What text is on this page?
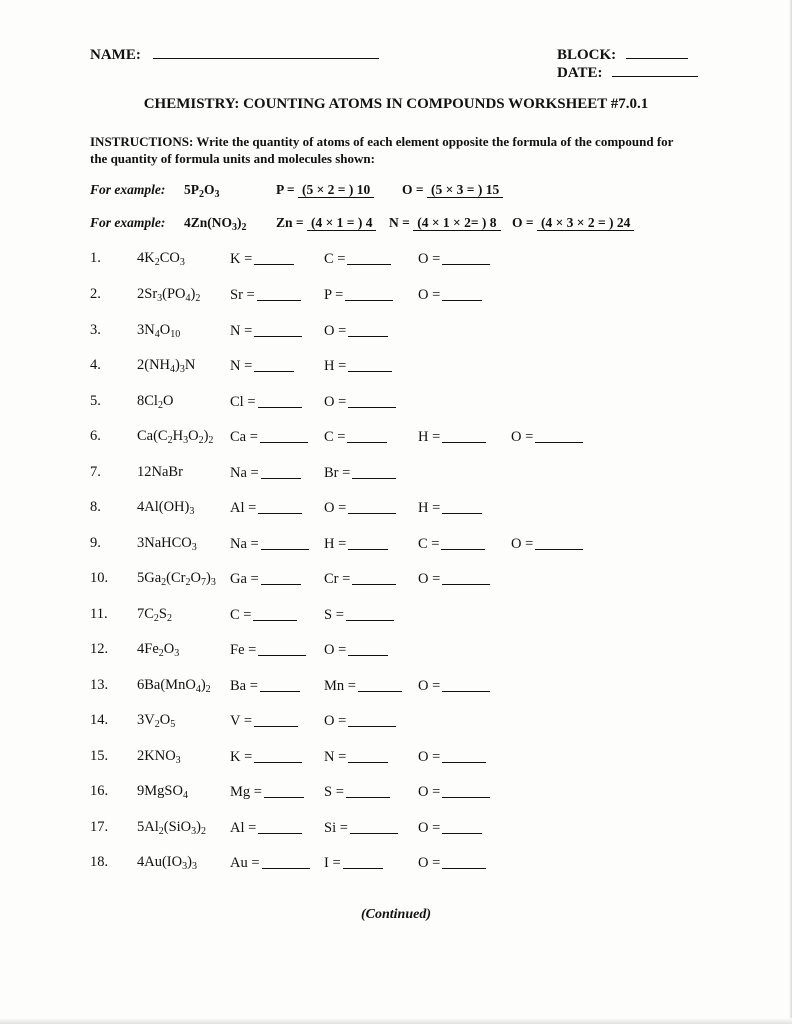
NAME:	BLOCK:
DATE:
CHEMISTRY: COUNTING ATOMS IN COMPOUNDS WORKSHEET #7.0.1
INSTRUCTIONS: Write the quantity of atoms of each element opposite the formula of the compound for the quantity of formula units and molecules shown:
For example: $5P_2O_3$	P = (5 × 2 = ) 10 O = (5 × 3 = ) 15
For example: $4Zn(NO_3)_2$ Zn = (4 × 1 = ) 4 N = (4 × 1 × 2= ) 8 O = (4 × 3 × 2 = ) 24
1. $4K_2CO_3$	K =	C =	O =
2. $2Sr_3(PO_4)_2$ Sr =	P =	O =
3. $3N_4O_{10}$	N =	O =
4. $2(NH_4)_3N$ N =	H =
5. $8Cl_2O$	Cl =	O =
6. $Ca(C_2H_3O_2)_2$ Ca =	C =	H =	O =
7. 12NaBr	Na =	Br =
8. $4Al(OH)_3$ Al =	O =	H =
9. 3NaHCO$_3$ Na =	H =	C =	O =
10. $5Ga_2(Cr_2O_7)_3$ Ga =	Cr =	O =
11. $7C_2S_2$	C =	S =
12. $4Fe_2O_3$	Fe =	O =
13. $6Ba(MnO_4)_2$ Ba =	Mn =	O =
14. $3V_2O_5$	V =	O =
15. $2KNO_3$	K =	N =	O =
16. 9MgSO$_4$	Mg =	S =	O =
17. $5Al_2(SiO_3)_2$ Al =	Si =	O =
18. $4Au(IO_3)_3$ Au =	I =	O =
(Continued)
